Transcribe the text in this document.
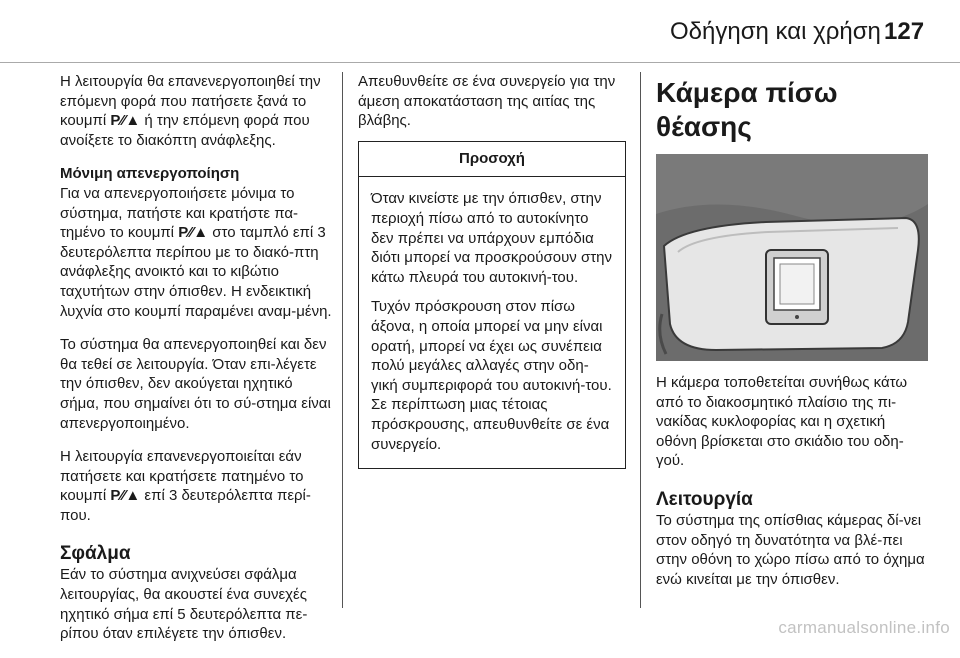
Οδήγηση και χρήση 127

Η λειτουργία θα επανενεργοποιηθεί την επόμενη φορά που πατήσετε ξανά το κουμπί P⁄⁄▲ ή την επόμενη φορά που ανοίξετε το διακόπτη ανάφλεξης.

Μόνιμη απενεργοποίηση
Για να απενεργοποιήσετε μόνιμα το σύστημα, πατήστε και κρατήστε πα-τημένο το κουμπί P⁄⁄▲ στο ταμπλό επί 3 δευτερόλεπτα περίπου με το διακό-πτη ανάφλεξης ανοικτό και το κιβώτιο ταχυτήτων στην όπισθεν. Η ενδεικτική λυχνία στο κουμπί παραμένει αναμ-μένη.

Το σύστημα θα απενεργοποιηθεί και δεν θα τεθεί σε λειτουργία. Όταν επι-λέγετε την όπισθεν, δεν ακούγεται ηχητικό σήμα, που σημαίνει ότι το σύ-στημα είναι απενεργοποιημένο.

Η λειτουργία επανενεργοποιείται εάν πατήσετε και κρατήσετε πατημένο το κουμπί P⁄⁄▲ επί 3 δευτερόλεπτα περί-που.

Σφάλμα
Εάν το σύστημα ανιχνεύσει σφάλμα λειτουργίας, θα ακουστεί ένα συνεχές ηχητικό σήμα επί 5 δευτερόλεπτα πε-ρίπου όταν επιλέγετε την όπισθεν.

Απευθυνθείτε σε ένα συνεργείο για την άμεση αποκατάσταση της αιτίας της βλάβης.

Προσοχή

Όταν κινείστε με την όπισθεν, στην περιοχή πίσω από το αυτοκίνητο δεν πρέπει να υπάρχουν εμπόδια διότι μπορεί να προσκρούσουν στην κάτω πλευρά του αυτοκινή-του.

Τυχόν πρόσκρουση στον πίσω άξονα, η οποία μπορεί να μην είναι ορατή, μπορεί να έχει ως συνέπεια πολύ μεγάλες αλλαγές στην οδη-γική συμπεριφορά του αυτοκινή-του. Σε περίπτωση μιας τέτοιας πρόσκρουσης, απευθυνθείτε σε ένα συνεργείο.

Κάμερα πίσω θέασης

Η κάμερα τοποθετείται συνήθως κάτω από το διακοσμητικό πλαίσιο της πι-νακίδας κυκλοφορίας και η σχετική οθόνη βρίσκεται στο σκιάδιο του οδη-γού.

Λειτουργία
Το σύστημα της οπίσθιας κάμερας δί-νει στον οδηγό τη δυνατότητα να βλέ-πει στην οθόνη το χώρο πίσω από το όχημα ενώ κινείται με την όπισθεν.

carmanualsonline.info
